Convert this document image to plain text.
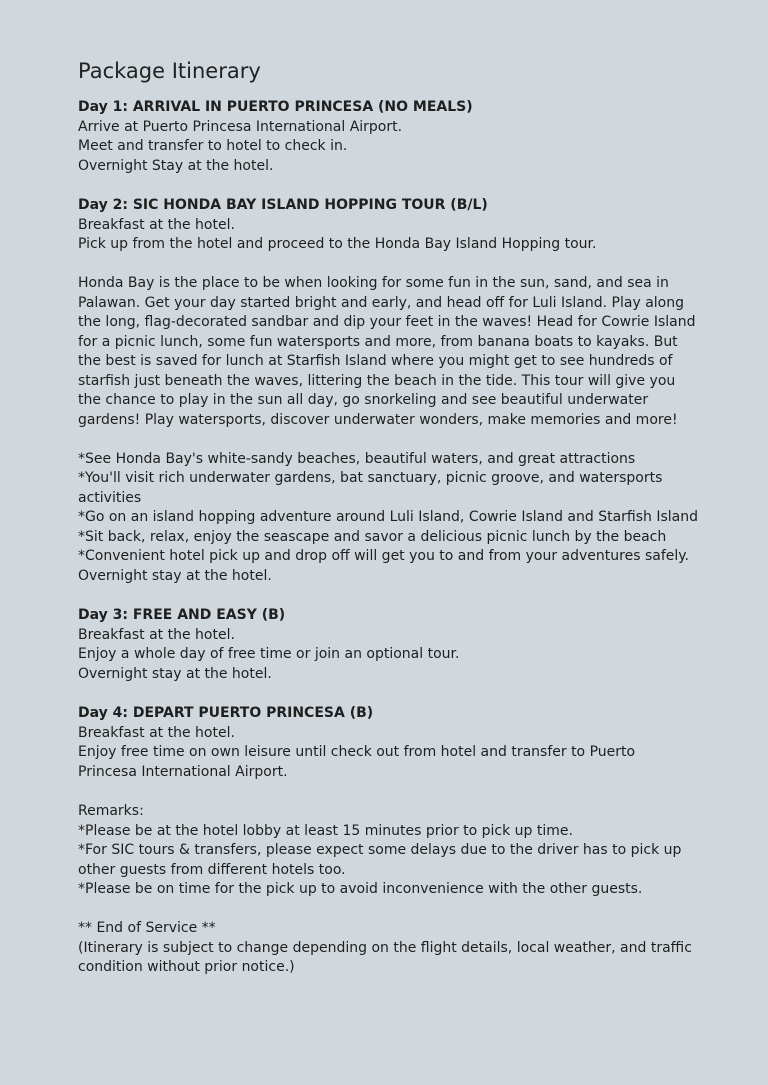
Package Itinerary

Day 1: ARRIVAL IN PUERTO PRINCESA (NO MEALS)

Arrive at Puerto Princesa International Airport.

Meet and transfer to hotel to check in.

Overnight Stay at the hotel.

Day 2: SIC HONDA BAY ISLAND HOPPING TOUR (B/L)

Breakfast at the hotel.

Pick up from the hotel and proceed to the Honda Bay Island Hopping tour.

Honda Bay is the place to be when looking for some fun in the sun, sand, and sea in Palawan. Get your day started bright and early, and head off for Luli Island. Play along the long, flag-decorated sandbar and dip your feet in the waves! Head for Cowrie Island for a picnic lunch, some fun watersports and more, from banana boats to kayaks. But the best is saved for lunch at Starfish Island where you might get to see hundreds of starfish just beneath the waves, littering the beach in the tide. This tour will give you the chance to play in the sun all day, go snorkeling and see beautiful underwater gardens! Play watersports, discover underwater wonders, make memories and more!

*See Honda Bay's white-sandy beaches, beautiful waters, and great attractions

*You'll visit rich underwater gardens, bat sanctuary, picnic groove, and watersports activities

*Go on an island hopping adventure around Luli Island, Cowrie Island and Starfish Island

*Sit back, relax, enjoy the seascape and savor a delicious picnic lunch by the beach

*Convenient hotel pick up and drop off will get you to and from your adventures safely. Overnight stay at the hotel.

Day 3: FREE AND EASY (B)

Breakfast at the hotel.

Enjoy a whole day of free time or join an optional tour.

Overnight stay at the hotel.

Day 4: DEPART PUERTO PRINCESA (B)

Breakfast at the hotel.

Enjoy free time on own leisure until check out from hotel and transfer to Puerto Princesa International Airport.

Remarks:

*Please be at the hotel lobby at least 15 minutes prior to pick up time.

*For SIC tours & transfers, please expect some delays due to the driver has to pick up other guests from different hotels too.

*Please be on time for the pick up to avoid inconvenience with the other guests.

** End of Service **

(Itinerary is subject to change depending on the flight details, local weather, and traffic condition without prior notice.)
